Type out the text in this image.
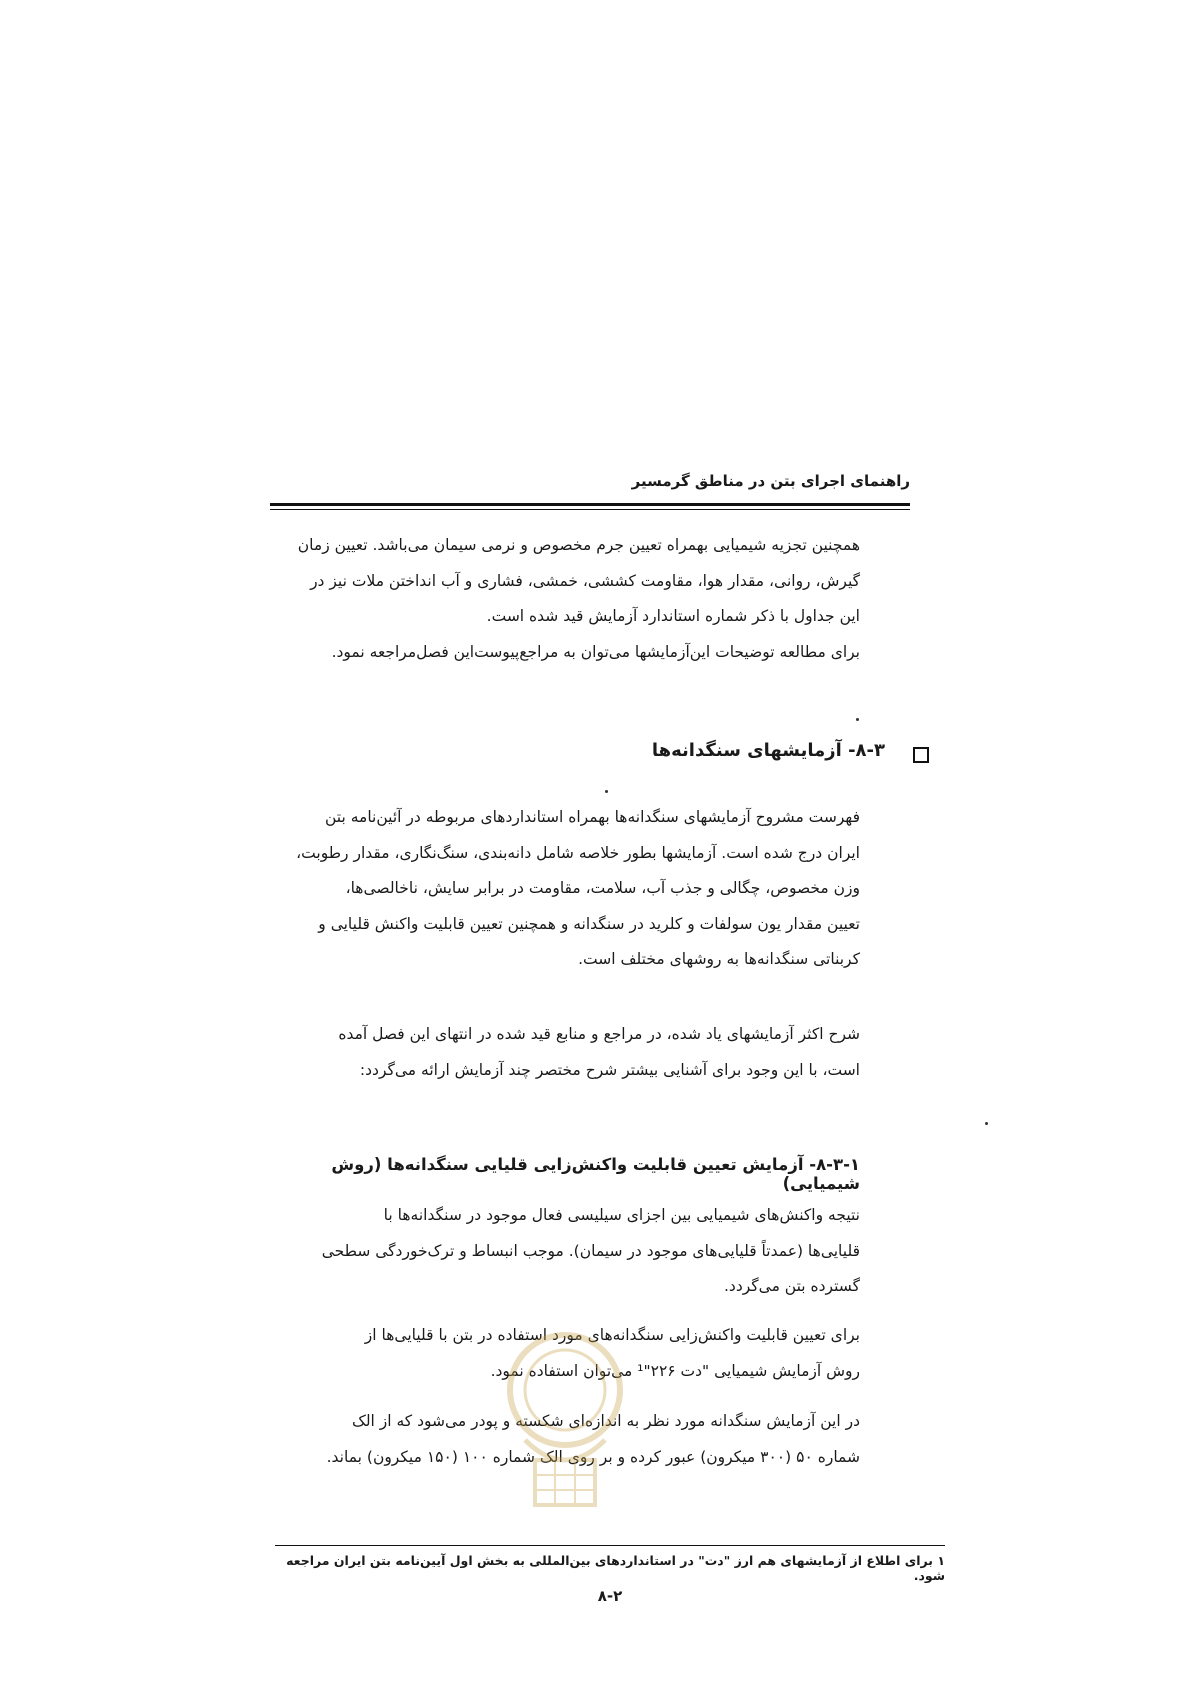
راهنمای اجرای بتن در مناطق گرمسیر

همچنین تجزیه شیمیایی بهمراه تعیین جرم مخصوص و نرمی سیمان می‌باشد. تعیین زمان

گیرش، روانی، مقدار هوا، مقاومت کششی، خمشی، فشاری و آب انداختن ملات نیز در

این جداول با ذکر شماره استاندارد آزمایش قید شده است.

برای مطالعه توضیحات این‌آزمایشها می‌توان به مراجع‌پیوست‌این فصل‌مراجعه نمود.

۸-۳- آزمایشهای سنگدانه‌ها

فهرست مشروح آزمایشهای سنگدانه‌ها بهمراه استانداردهای مربوطه در آئین‌نامه بتن

ایران درج شده است. آزمایشها بطور خلاصه شامل دانه‌بندی، سنگ‌نگاری، مقدار رطوبت،

وزن مخصوص، چگالی و جذب آب، سلامت، مقاومت در برابر سایش، ناخالصی‌ها،

تعیین مقدار یون سولفات و کلرید در سنگدانه و همچنین تعیین قابلیت واکنش قلیایی و

کربناتی سنگدانه‌ها به روشهای مختلف است.

شرح اکثر آزمایشهای یاد شده، در مراجع و منابع قید شده در انتهای این فصل آمده

است، با این وجود برای آشنایی بیشتر شرح مختصر چند آزمایش ارائه می‌گردد:

۸-۳-۱- آزمایش تعیین قابلیت واکنش‌زایی قلیایی سنگدانه‌ها (روش شیمیایی)

نتیجه واکنش‌های شیمیایی بین اجزای سیلیسی فعال موجود در سنگدانه‌ها با

قلیایی‌ها (عمدتاً قلیایی‌های موجود در سیمان). موجب انبساط و ترک‌خوردگی سطحی

گسترده بتن می‌گردد.

برای تعیین قابلیت واکنش‌زایی سنگدانه‌های مورد استفاده در بتن با قلیایی‌ها از

روش آزمایش شیمیایی "دت ۲۲۶"¹ می‌توان استفاده نمود.

در این آزمایش سنگدانه مورد نظر به اندازه‌ای شکسته و پودر می‌شود که از الک

شماره ۵۰ (۳۰۰ میکرون) عبور کرده و بر روی الک شماره ۱۰۰ (۱۵۰ میکرون) بماند.

۱ برای اطلاع از آزمایشهای هم ارز "دت" در استانداردهای بین‌المللی به بخش اول آیین‌نامه بتن ایران مراجعه شود.
۸-۲
